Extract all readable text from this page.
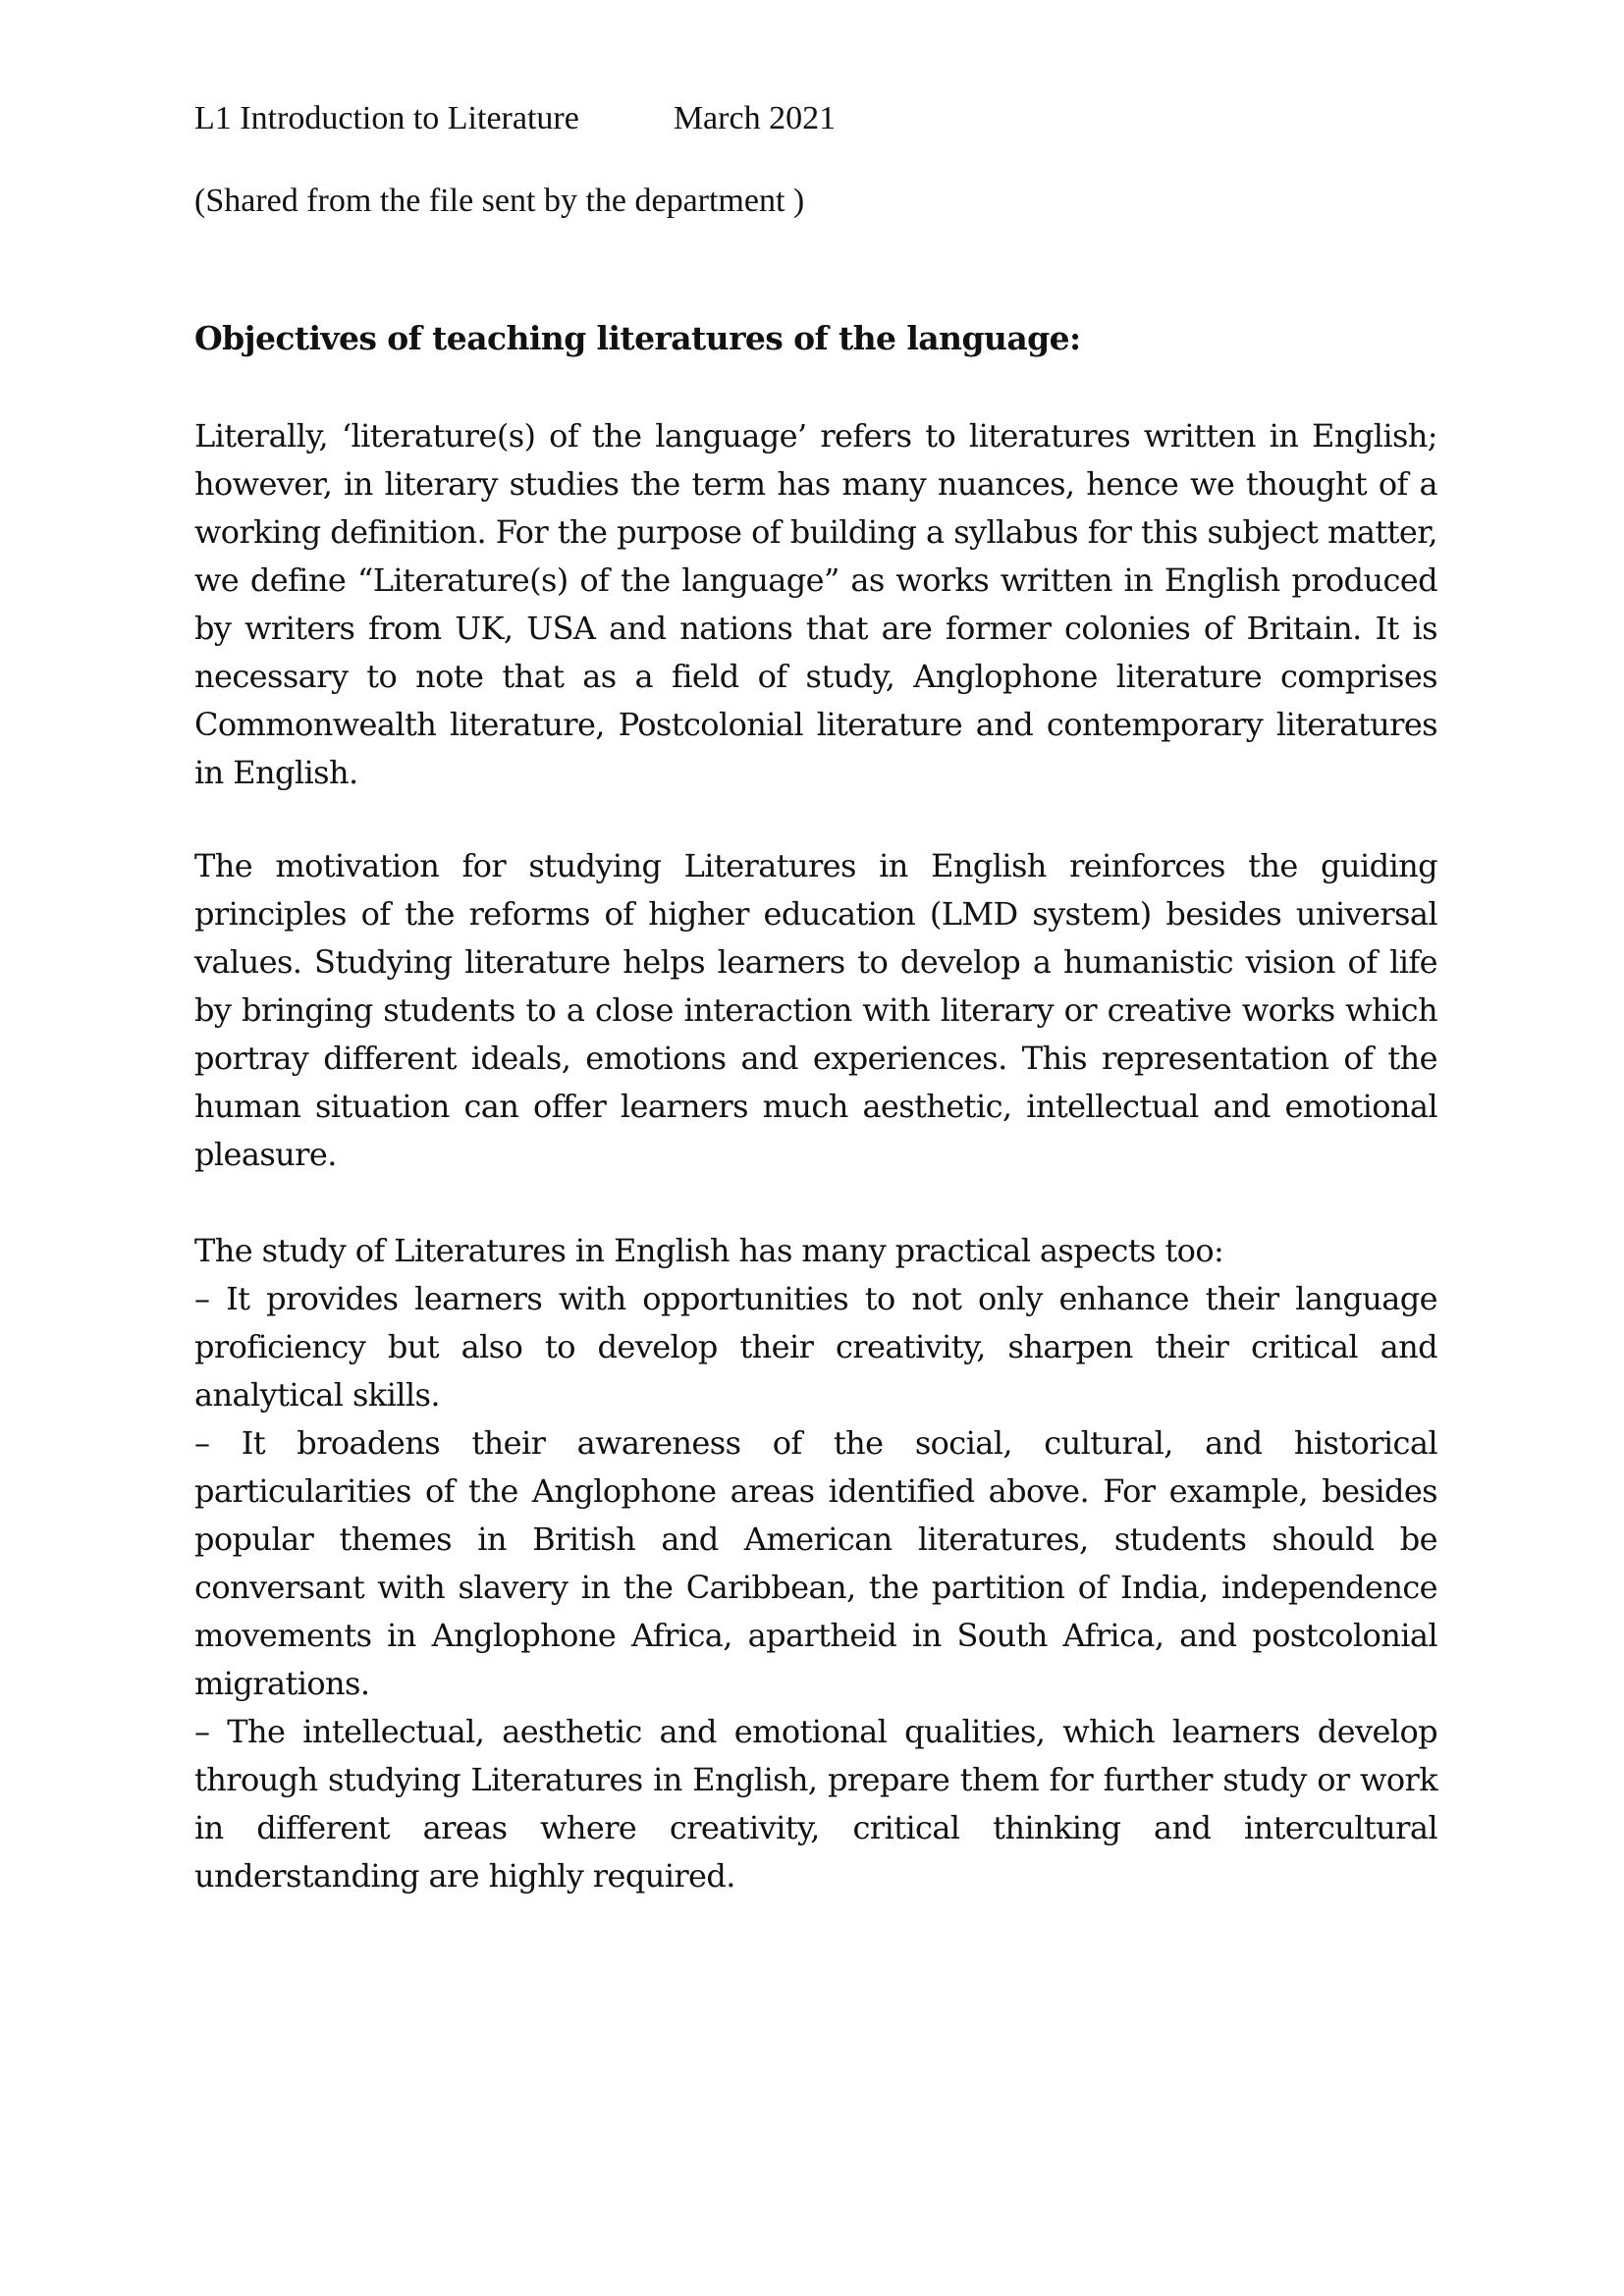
L1 Introduction to Literature	March 2021
(Shared from the file sent by the department )
Objectives of teaching literatures of the language:

Literally, ‘literature(s) of the language’ refers to literatures written in English; however, in literary studies the term has many nuances, hence we thought of a working definition. For the purpose of building a syllabus for this subject matter, we define “Literature(s) of the language” as works written in English produced by writers from UK, USA and nations that are former colonies of Britain. It is necessary to note that as a field of study, Anglophone literature comprises Commonwealth literature, Postcolonial literature and contemporary literatures in English.

The motivation for studying Literatures in English reinforces the guiding principles of the reforms of higher education (LMD system) besides universal values. Studying literature helps learners to develop a humanistic vision of life by bringing students to a close interaction with literary or creative works which portray different ideals, emotions and experiences. This representation of the human situation can offer learners much aesthetic, intellectual and emotional pleasure.

The study of Literatures in English has many practical aspects too:

– It provides learners with opportunities to not only enhance their language proficiency but also to develop their creativity, sharpen their critical and analytical skills.

– It broadens their awareness of the social, cultural, and historical particularities of the Anglophone areas identified above. For example, besides popular themes in British and American literatures, students should be conversant with slavery in the Caribbean, the partition of India, independence movements in Anglophone Africa, apartheid in South Africa, and postcolonial migrations.

– The intellectual, aesthetic and emotional qualities, which learners develop through studying Literatures in English, prepare them for further study or work in different areas where creativity, critical thinking and intercultural understanding are highly required.
